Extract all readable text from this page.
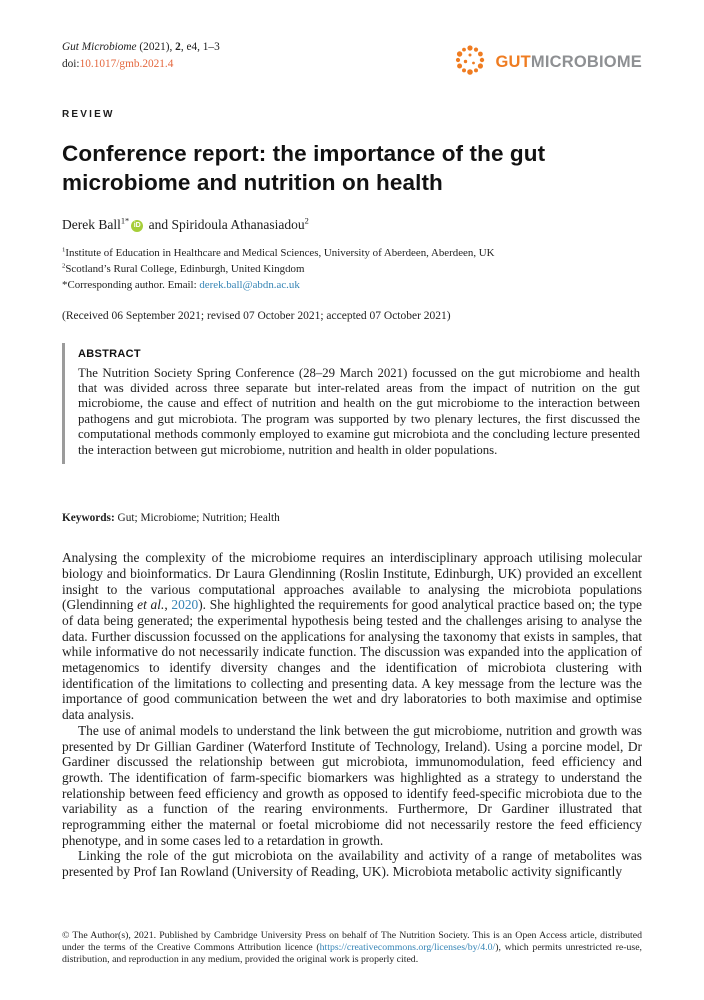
Gut Microbiome (2021), 2, e4, 1–3
doi:10.1017/gmb.2021.4	GUTMICROBIOME
REVIEW
Conference report: the importance of the gut microbiome and nutrition on health
Derek Ball$^{1*}$ iD and Spiridoula Athanasiadou$^2$
$^1$Institute of Education in Healthcare and Medical Sciences, University of Aberdeen, Aberdeen, UK
$^2$Scotland’s Rural College, Edinburgh, United Kingdom
*Corresponding author. Email: derek.ball@abdn.ac.uk
(Received 06 September 2021; revised 07 October 2021; accepted 07 October 2021)
ABSTRACT
The Nutrition Society Spring Conference (28–29 March 2021) focussed on the gut microbiome and health that was divided across three separate but inter-related areas from the impact of nutrition on the gut microbiome, the cause and effect of nutrition and health on the gut microbiome to the interaction between pathogens and gut microbiota. The program was supported by two plenary lectures, the first discussed the computational methods commonly employed to examine gut microbiota and the concluding lecture presented the interaction between gut microbiome, nutrition and health in older populations.
Keywords: Gut; Microbiome; Nutrition; Health

Analysing the complexity of the microbiome requires an interdisciplinary approach utilising molecular biology and bioinformatics. Dr Laura Glendinning (Roslin Institute, Edinburgh, UK) provided an excellent insight to the various computational approaches available to analysing the microbiota populations (Glendinning et al., 2020). She highlighted the requirements for good analytical practice based on; the type of data being generated; the experimental hypothesis being tested and the challenges arising to analyse the data. Further discussion focussed on the applications for analysing the taxonomy that exists in samples, that while informative do not necessarily indicate function. The discussion was expanded into the application of metagenomics to identify diversity changes and the identification of microbiota clustering with identification of the limitations to collecting and presenting data. A key message from the lecture was the importance of good communication between the wet and dry laboratories to both maximise and optimise data analysis.

The use of animal models to understand the link between the gut microbiome, nutrition and growth was presented by Dr Gillian Gardiner (Waterford Institute of Technology, Ireland). Using a porcine model, Dr Gardiner discussed the relationship between gut microbiota, immunomodulation, feed efficiency and growth. The identification of farm-specific biomarkers was highlighted as a strategy to understand the relationship between feed efficiency and growth as opposed to identify feed-specific microbiota due to the variability as a function of the rearing environments. Furthermore, Dr Gardiner illustrated that reprogramming either the maternal or foetal microbiome did not necessarily restore the feed efficiency phenotype, and in some cases led to a retardation in growth.

Linking the role of the gut microbiota on the availability and activity of a range of metabolites was presented by Prof Ian Rowland (University of Reading, UK). Microbiota metabolic activity significantly

© The Author(s), 2021. Published by Cambridge University Press on behalf of The Nutrition Society. This is an Open Access article, distributed under the terms of the Creative Commons Attribution licence (https://creativecommons.org/licenses/by/4.0/), which permits unrestricted re-use, distribution, and reproduction in any medium, provided the original work is properly cited.
